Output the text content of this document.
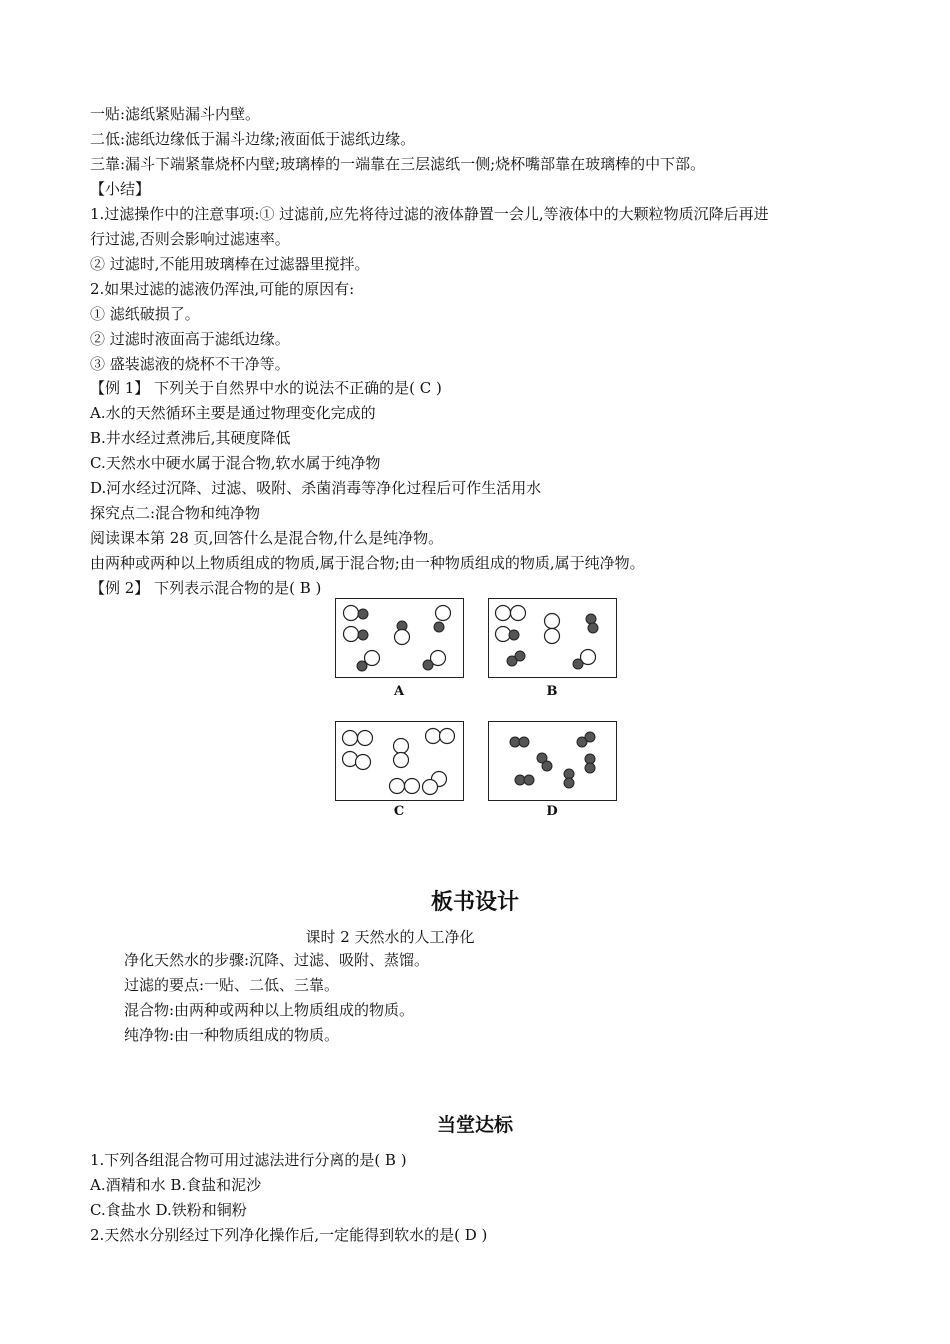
一贴:滤纸紧贴漏斗内壁。
二低:滤纸边缘低于漏斗边缘;液面低于滤纸边缘。
三靠:漏斗下端紧靠烧杯内壁;玻璃棒的一端靠在三层滤纸一侧;烧杯嘴部靠在玻璃棒的中下部。
【小结】
1.过滤操作中的注意事项:① 过滤前,应先将待过滤的液体静置一会儿,等液体中的大颗粒物质沉降后再进
行过滤,否则会影响过滤速率。
② 过滤时,不能用玻璃棒在过滤器里搅拌。
2.如果过滤的滤液仍浑浊,可能的原因有:
① 滤纸破损了。
② 过滤时液面高于滤纸边缘。
③ 盛装滤液的烧杯不干净等。
【例 1】 下列关于自然界中水的说法不正确的是( C )
A.水的天然循环主要是通过物理变化完成的
B.井水经过煮沸后,其硬度降低
C.天然水中硬水属于混合物,软水属于纯净物
D.河水经过沉降、过滤、吸附、杀菌消毒等净化过程后可作生活用水
探究点二:混合物和纯净物
阅读课本第 28 页,回答什么是混合物,什么是纯净物。
由两种或两种以上物质组成的物质,属于混合物;由一种物质组成的物质,属于纯净物。
【例 2】 下列表示混合物的是( B )
A	B
C	D
板书设计
课时 2 天然水的人工净化
净化天然水的步骤:沉降、过滤、吸附、蒸馏。
过滤的要点:一贴、二低、三靠。
混合物:由两种或两种以上物质组成的物质。
纯净物:由一种物质组成的物质。
当堂达标
1.下列各组混合物可用过滤法进行分离的是( B )
A.酒精和水 B.食盐和泥沙
C.食盐水 D.铁粉和铜粉
2.天然水分别经过下列净化操作后,一定能得到软水的是( D )
